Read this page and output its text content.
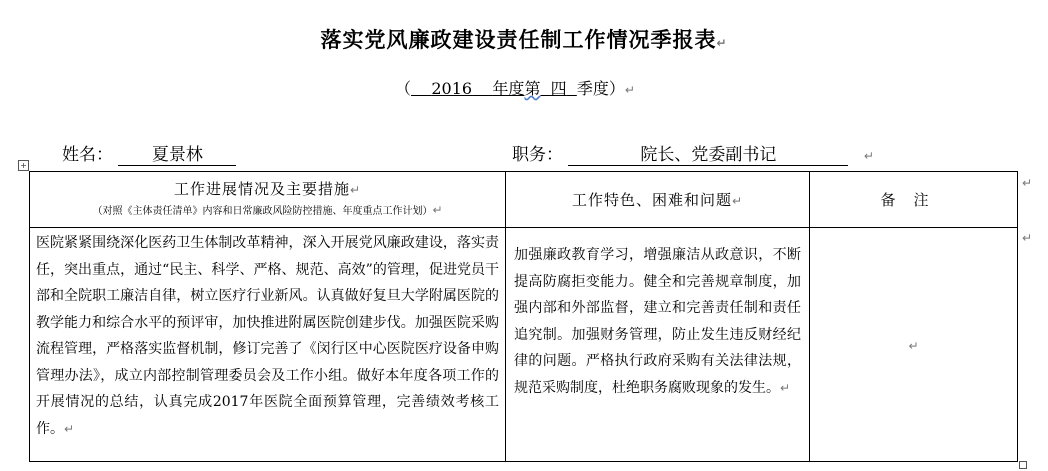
落实党风廉政建设责任制工作情况季报表↵
（ 2016 年度第 四 季度）↵
姓名： 夏景林	职务：	院长、党委副书记	↵
+
工作进展情况及主要措施↵
（对照《主体责任清单》内容和日常廉政风险防控措施、年度重点工作计划）↵	工作特色、困难和问题↵	备注
医院紧紧围绕深化医药卫生体制改革精神，深入开展党风廉政建设，落实责任，突出重点，通过“民主、科学、严格、规范、高效”的管理，促进党员干部和全院职工廉洁自律，树立医疗行业新风。认真做好复旦大学附属医院的教学能力和综合水平的预评审，加快推进附属医院创建步伐。加强医院采购流程管理，严格落实监督机制，修订完善了《闵行区中心医院医疗设备申购管理办法》，成立内部控制管理委员会及工作小组。做好本年度各项工作的开展情况的总结，认真完成2017年医院全面预算管理，完善绩效考核工作。↵	加强廉政教育学习，增强廉洁从政意识，不断提高防腐拒变能力。健全和完善规章制度，加强内部和外部监督，建立和完善责任制和责任追究制。加强财务管理，防止发生违反财经纪律的问题。严格执行政府采购有关法律法规，规范采购制度，杜绝职务腐败现象的发生。↵	↵
↵
↵
